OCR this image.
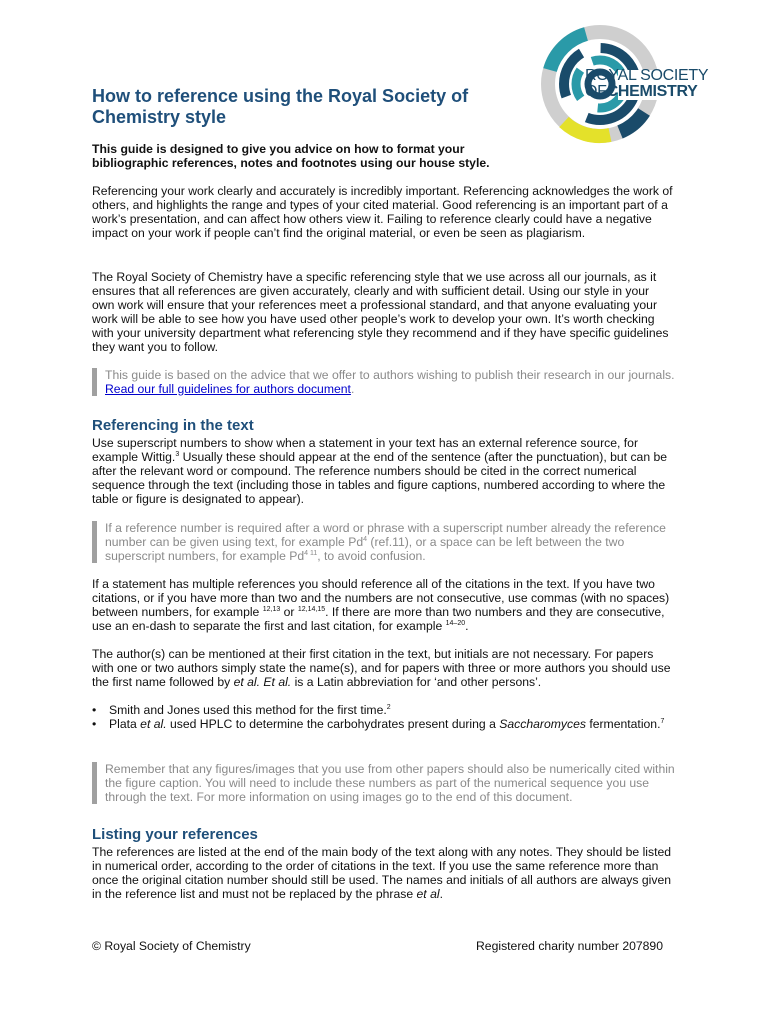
ROYAL SOCIETY
OFCHEMISTRY
How to reference using the Royal Society of Chemistry style
This guide is designed to give you advice on how to format your bibliographic references, notes and footnotes using our house style.
Referencing your work clearly and accurately is incredibly important. Referencing acknowledges the work of others, and highlights the range and types of your cited material. Good referencing is an important part of a work’s presentation, and can affect how others view it. Failing to reference clearly could have a negative impact on your work if people can’t find the original material, or even be seen as plagiarism.
The Royal Society of Chemistry have a specific referencing style that we use across all our journals, as it ensures that all references are given accurately, clearly and with sufficient detail. Using our style in your own work will ensure that your references meet a professional standard, and that anyone evaluating your work will be able to see how you have used other people’s work to develop your own. It’s worth checking with your university department what referencing style they recommend and if they have specific guidelines they want you to follow.
This guide is based on the advice that we offer to authors wishing to publish their research in our journals. Read our full guidelines for authors document.
Referencing in the text
Use superscript numbers to show when a statement in your text has an external reference source, for example Wittig.$^3$ Usually these should appear at the end of the sentence (after the punctuation), but can be after the relevant word or compound. The reference numbers should be cited in the correct numerical sequence through the text (including those in tables and figure captions, numbered according to where the table or figure is designated to appear).
If a reference number is required after a word or phrase with a superscript number already the reference number can be given using text, for example Pd$^4$ (ref.11), or a space can be left between the two superscript numbers, for example $Pd^{4 11}$, to avoid confusion.
If a statement has multiple references you should reference all of the citations in the text. If you have two citations, or if you have more than two and the numbers are not consecutive, use commas (with no spaces) between numbers, for example $^{12,13}$ or $^{12,14,15}$. If there are more than two numbers and they are consecutive, use an en-dash to separate the first and last citation, for example $^{14-20}$.
The author(s) can be mentioned at their first citation in the text, but initials are not necessary. For papers with one or two authors simply state the name(s), and for papers with three or more authors you should use the first name followed by et al. Et al. is a Latin abbreviation for ‘and other persons’.
• Smith and Jones used this method for the first time.$^2$
• Plata et al. used HPLC to determine the carbohydrates present during a Saccharomyces fermentation.$^7$
Remember that any figures/images that you use from other papers should also be numerically cited within the figure caption. You will need to include these numbers as part of the numerical sequence you use through the text. For more information on using images go to the end of this document.
Listing your references
The references are listed at the end of the main body of the text along with any notes. They should be listed in numerical order, according to the order of citations in the text. If you use the same reference more than once the original citation number should still be used. The names and initials of all authors are always given in the reference list and must not be replaced by the phrase et al.
© Royal Society of Chemistry	Registered charity number 207890
